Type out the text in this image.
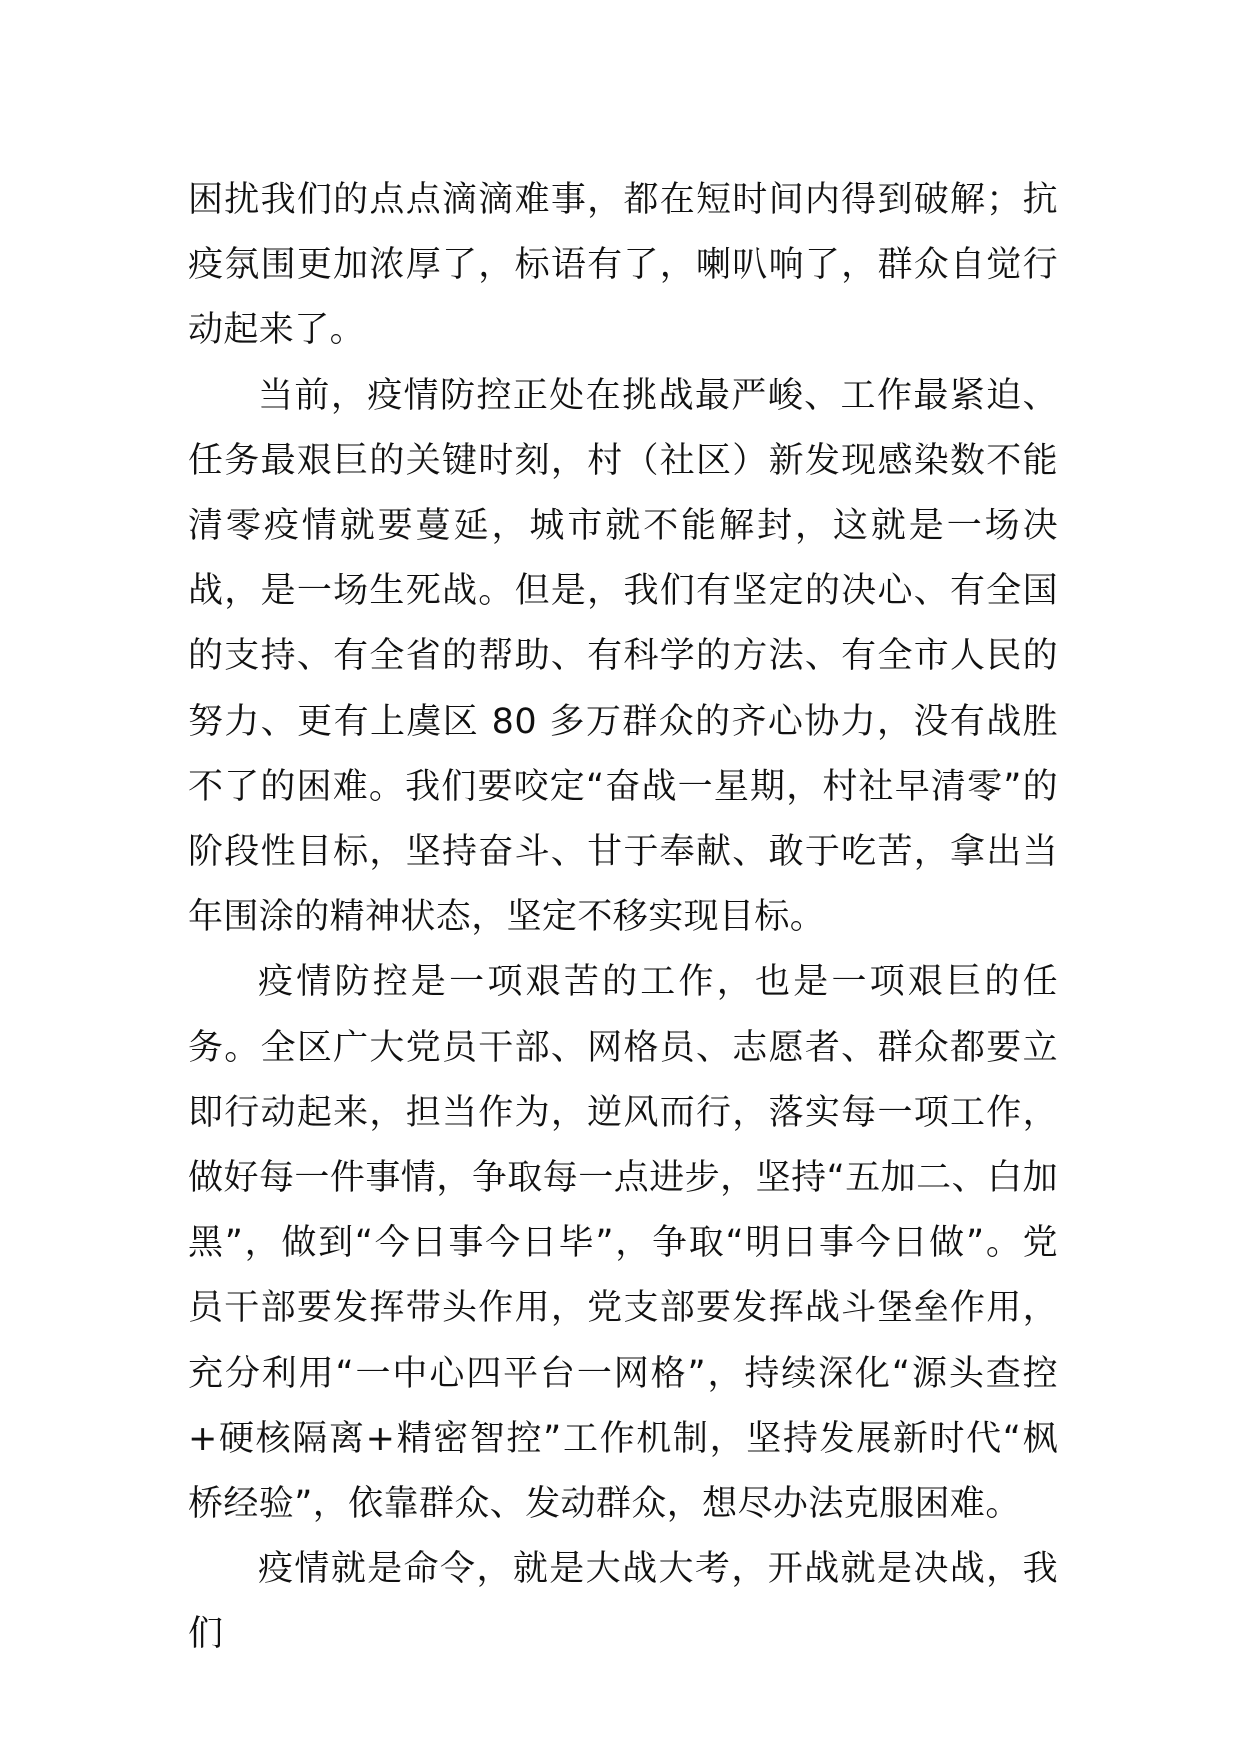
困扰我们的点点滴滴难事，都在短时间内得到破解；抗疫氛围更加浓厚了，标语有了，喇叭响了，群众自觉行动起来了。

当前，疫情防控正处在挑战最严峻、工作最紧迫、任务最艰巨的关键时刻，村（社区）新发现感染数不能清零疫情就要蔓延，城市就不能解封，这就是一场决战，是一场生死战。但是，我们有坚定的决心、有全国的支持、有全省的帮助、有科学的方法、有全市人民的努力、更有上虞区 80 多万群众的齐心协力，没有战胜不了的困难。我们要咬定“奋战一星期，村社早清零”的阶段性目标，坚持奋斗、甘于奉献、敢于吃苦，拿出当年围涂的精神状态，坚定不移实现目标。

疫情防控是一项艰苦的工作，也是一项艰巨的任务。全区广大党员干部、网格员、志愿者、群众都要立即行动起来，担当作为，逆风而行，落实每一项工作，做好每一件事情，争取每一点进步，坚持“五加二、白加黑”，做到“今日事今日毕”，争取“明日事今日做”。党员干部要发挥带头作用，党支部要发挥战斗堡垒作用，充分利用“一中心四平台一网格”，持续深化“源头查控+硬核隔离+精密智控”工作机制，坚持发展新时代“枫桥经验”，依靠群众、发动群众，想尽办法克服困难。

疫情就是命令，就是大战大考，开战就是决战，我们
